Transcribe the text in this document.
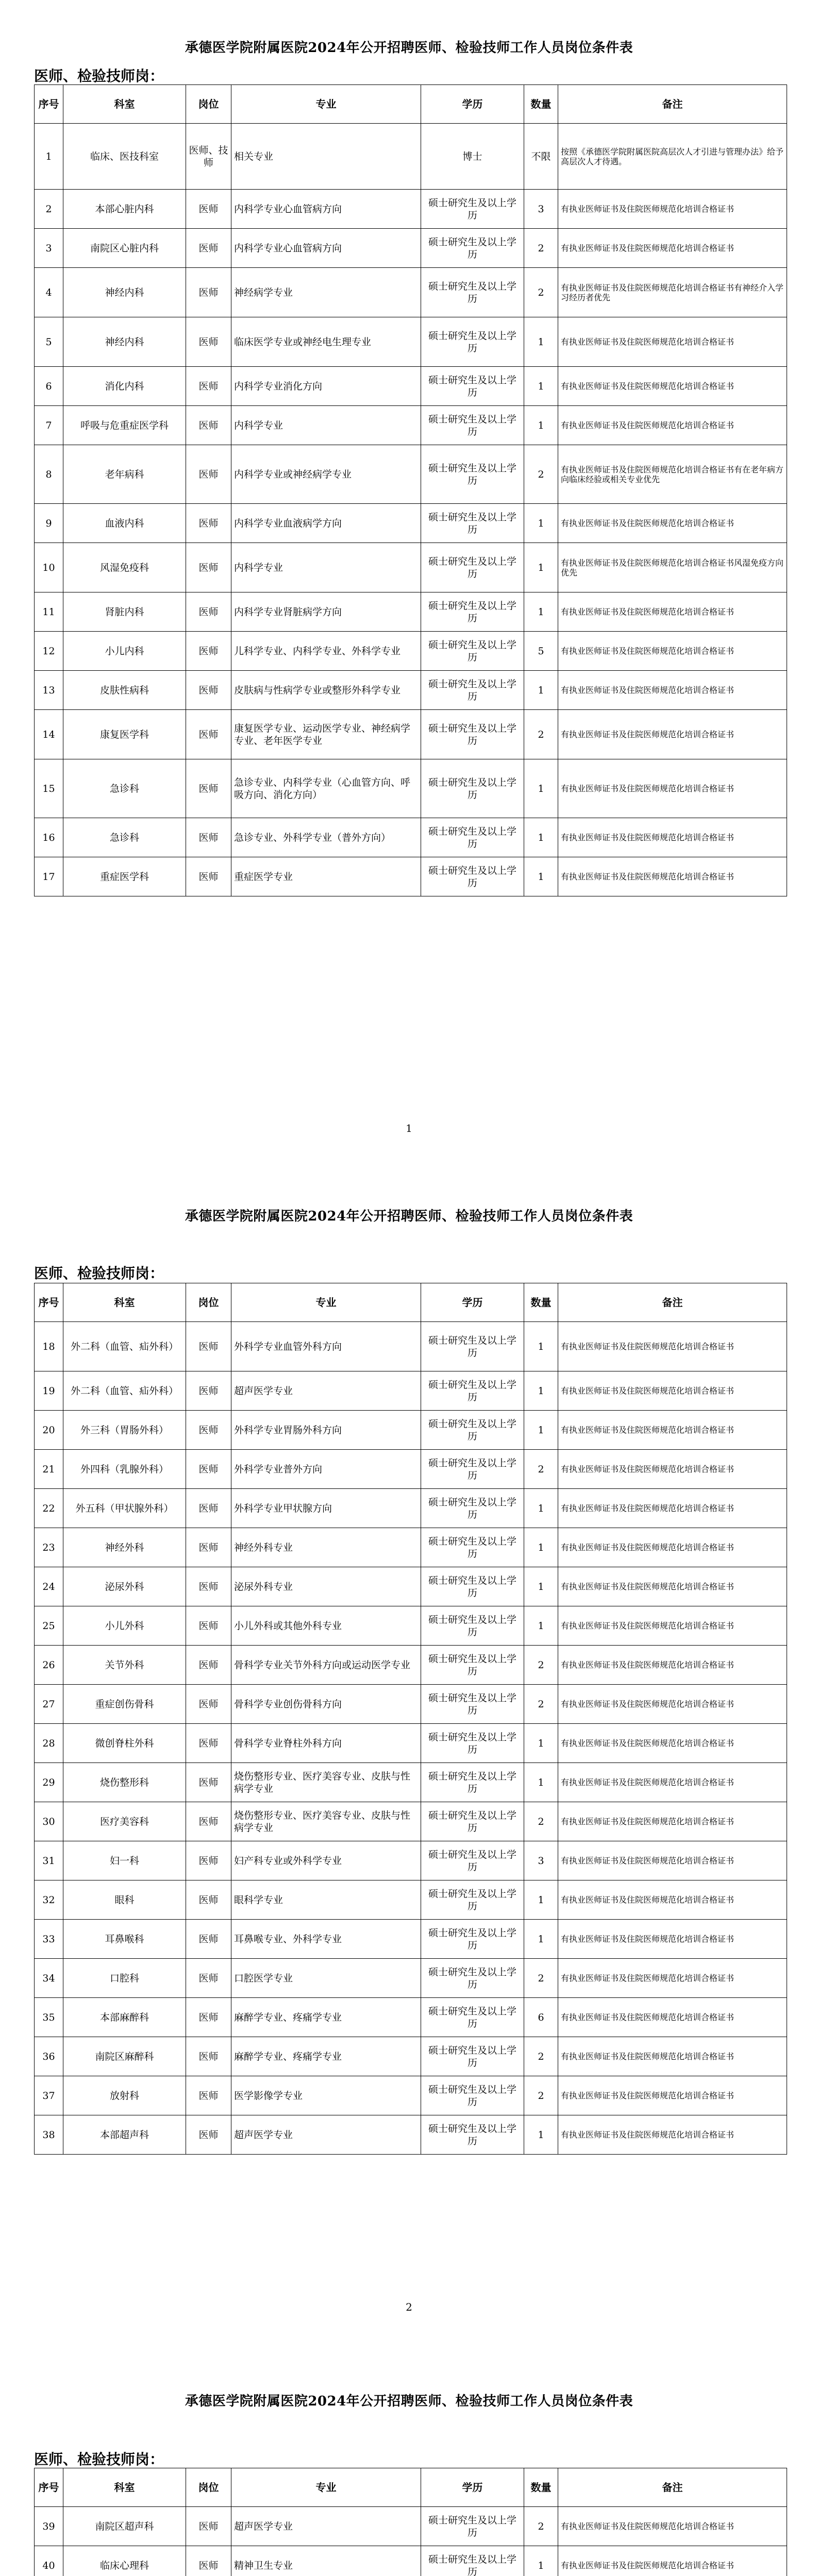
承德医学院附属医院2024年公开招聘医师、检验技师工作人员岗位条件表
医师、检验技师岗：
序号	科室	岗位	专业	学历	数量	备注
1	临床、医技科室	医师、技师	相关专业	博士	不限	按照《承德医学院附属医院高层次人才引进与管理办法》给予高层次人才待遇。
2	本部心脏内科	医师	内科学专业心血管病方向	硕士研究生及以上学历	3	有执业医师证书及住院医师规范化培训合格证书
3	南院区心脏内科	医师	内科学专业心血管病方向	硕士研究生及以上学历	2	有执业医师证书及住院医师规范化培训合格证书
4	神经内科	医师	神经病学专业	硕士研究生及以上学历	2	有执业医师证书及住院医师规范化培训合格证书有神经介入学习经历者优先
5	神经内科	医师	临床医学专业或神经电生理专业	硕士研究生及以上学历	1	有执业医师证书及住院医师规范化培训合格证书
6	消化内科	医师	内科学专业消化方向	硕士研究生及以上学历	1	有执业医师证书及住院医师规范化培训合格证书
7	呼吸与危重症医学科	医师	内科学专业	硕士研究生及以上学历	1	有执业医师证书及住院医师规范化培训合格证书
8	老年病科	医师	内科学专业或神经病学专业	硕士研究生及以上学历	2	有执业医师证书及住院医师规范化培训合格证书有在老年病方向临床经验或相关专业优先
9	血液内科	医师	内科学专业血液病学方向	硕士研究生及以上学历	1	有执业医师证书及住院医师规范化培训合格证书
10	风湿免疫科	医师	内科学专业	硕士研究生及以上学历	1	有执业医师证书及住院医师规范化培训合格证书风湿免疫方向优先
11	肾脏内科	医师	内科学专业肾脏病学方向	硕士研究生及以上学历	1	有执业医师证书及住院医师规范化培训合格证书
12	小儿内科	医师	儿科学专业、内科学专业、外科学专业	硕士研究生及以上学历	5	有执业医师证书及住院医师规范化培训合格证书
13	皮肤性病科	医师	皮肤病与性病学专业或整形外科学专业	硕士研究生及以上学历	1	有执业医师证书及住院医师规范化培训合格证书
14	康复医学科	医师	康复医学专业、运动医学专业、神经病学专业、老年医学专业	硕士研究生及以上学历	2	有执业医师证书及住院医师规范化培训合格证书
15	急诊科	医师	急诊专业、内科学专业（心血管方向、呼吸方向、消化方向）	硕士研究生及以上学历	1	有执业医师证书及住院医师规范化培训合格证书
16	急诊科	医师	急诊专业、外科学专业（普外方向）	硕士研究生及以上学历	1	有执业医师证书及住院医师规范化培训合格证书
17	重症医学科	医师	重症医学专业	硕士研究生及以上学历	1	有执业医师证书及住院医师规范化培训合格证书
1
承德医学院附属医院2024年公开招聘医师、检验技师工作人员岗位条件表
医师、检验技师岗：
序号	科室	岗位	专业	学历	数量	备注
18	外二科（血管、疝外科）	医师	外科学专业血管外科方向	硕士研究生及以上学历	1	有执业医师证书及住院医师规范化培训合格证书
19	外二科（血管、疝外科）	医师	超声医学专业	硕士研究生及以上学历	1	有执业医师证书及住院医师规范化培训合格证书
20	外三科（胃肠外科）	医师	外科学专业胃肠外科方向	硕士研究生及以上学历	1	有执业医师证书及住院医师规范化培训合格证书
21	外四科（乳腺外科）	医师	外科学专业普外方向	硕士研究生及以上学历	2	有执业医师证书及住院医师规范化培训合格证书
22	外五科（甲状腺外科）	医师	外科学专业甲状腺方向	硕士研究生及以上学历	1	有执业医师证书及住院医师规范化培训合格证书
23	神经外科	医师	神经外科专业	硕士研究生及以上学历	1	有执业医师证书及住院医师规范化培训合格证书
24	泌尿外科	医师	泌尿外科专业	硕士研究生及以上学历	1	有执业医师证书及住院医师规范化培训合格证书
25	小儿外科	医师	小儿外科或其他外科专业	硕士研究生及以上学历	1	有执业医师证书及住院医师规范化培训合格证书
26	关节外科	医师	骨科学专业关节外科方向或运动医学专业	硕士研究生及以上学历	2	有执业医师证书及住院医师规范化培训合格证书
27	重症创伤骨科	医师	骨科学专业创伤骨科方向	硕士研究生及以上学历	2	有执业医师证书及住院医师规范化培训合格证书
28	微创脊柱外科	医师	骨科学专业脊柱外科方向	硕士研究生及以上学历	1	有执业医师证书及住院医师规范化培训合格证书
29	烧伤整形科	医师	烧伤整形专业、医疗美容专业、皮肤与性病学专业	硕士研究生及以上学历	1	有执业医师证书及住院医师规范化培训合格证书
30	医疗美容科	医师	烧伤整形专业、医疗美容专业、皮肤与性病学专业	硕士研究生及以上学历	2	有执业医师证书及住院医师规范化培训合格证书
31	妇一科	医师	妇产科专业或外科学专业	硕士研究生及以上学历	3	有执业医师证书及住院医师规范化培训合格证书
32	眼科	医师	眼科学专业	硕士研究生及以上学历	1	有执业医师证书及住院医师规范化培训合格证书
33	耳鼻喉科	医师	耳鼻喉专业、外科学专业	硕士研究生及以上学历	1	有执业医师证书及住院医师规范化培训合格证书
34	口腔科	医师	口腔医学专业	硕士研究生及以上学历	2	有执业医师证书及住院医师规范化培训合格证书
35	本部麻醉科	医师	麻醉学专业、疼痛学专业	硕士研究生及以上学历	6	有执业医师证书及住院医师规范化培训合格证书
36	南院区麻醉科	医师	麻醉学专业、疼痛学专业	硕士研究生及以上学历	2	有执业医师证书及住院医师规范化培训合格证书
37	放射科	医师	医学影像学专业	硕士研究生及以上学历	2	有执业医师证书及住院医师规范化培训合格证书
38	本部超声科	医师	超声医学专业	硕士研究生及以上学历	1	有执业医师证书及住院医师规范化培训合格证书
2
承德医学院附属医院2024年公开招聘医师、检验技师工作人员岗位条件表
医师、检验技师岗：
序号	科室	岗位	专业	学历	数量	备注
39	南院区超声科	医师	超声医学专业	硕士研究生及以上学历	2	有执业医师证书及住院医师规范化培训合格证书
40	临床心理科	医师	精神卫生专业	硕士研究生及以上学历	1	有执业医师证书及住院医师规范化培训合格证书
